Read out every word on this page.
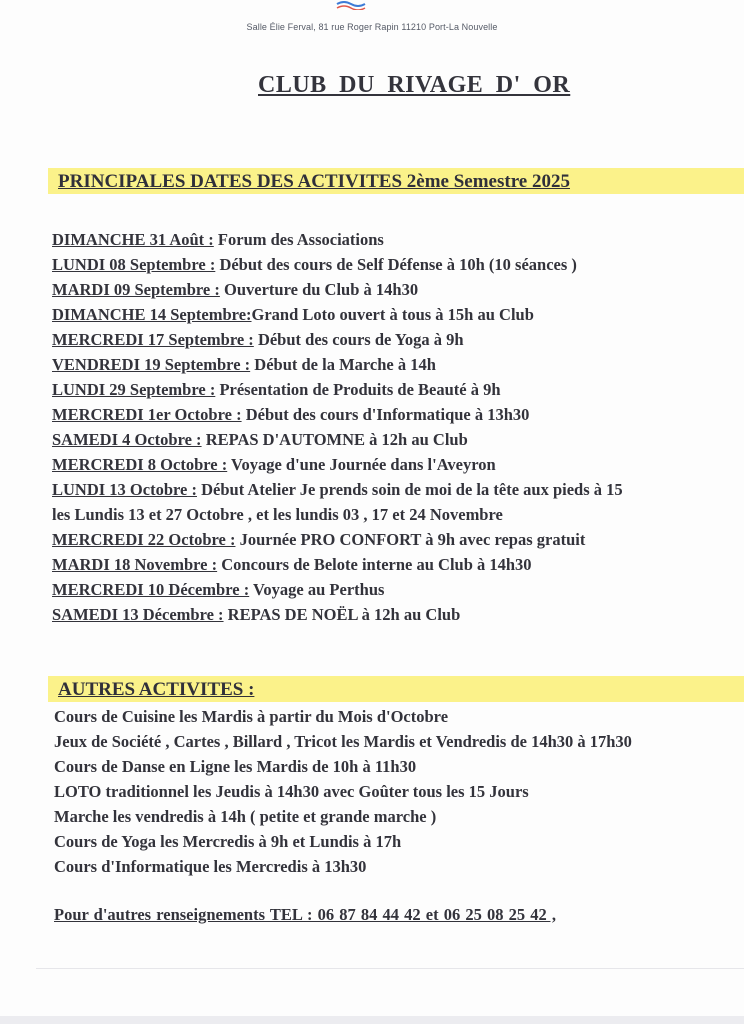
Salle Élie Ferval, 81 rue Roger Rapin 11210 Port-La Nouvelle
CLUB DU RIVAGE D' OR
PRINCIPALES DATES DES ACTIVITES 2ème Semestre 2025
DIMANCHE 31 Août : Forum des Associations
LUNDI 08 Septembre : Début des cours de Self Défense à 10h (10 séances )
MARDI 09 Septembre : Ouverture du Club à 14h30
DIMANCHE 14 Septembre:Grand Loto ouvert à tous à 15h au Club
MERCREDI 17 Septembre : Début des cours de Yoga à 9h
VENDREDI 19 Septembre : Début de la Marche à 14h
LUNDI 29 Septembre : Présentation de Produits de Beauté à 9h
MERCREDI 1er Octobre : Début des cours d'Informatique à 13h30
SAMEDI 4 Octobre : REPAS D'AUTOMNE à 12h au Club
MERCREDI 8 Octobre : Voyage d'une Journée dans l'Aveyron
LUNDI 13 Octobre : Début Atelier Je prends soin de moi de la tête aux pieds à 15
les Lundis 13 et 27 Octobre , et les lundis 03 , 17 et 24 Novembre
MERCREDI 22 Octobre : Journée PRO CONFORT à 9h avec repas gratuit
MARDI 18 Novembre : Concours de Belote interne au Club à 14h30
MERCREDI 10 Décembre : Voyage au Perthus
SAMEDI 13 Décembre : REPAS DE NOËL à 12h au Club
AUTRES ACTIVITES :
Cours de Cuisine les Mardis à partir du Mois d'Octobre
Jeux de Société , Cartes , Billard , Tricot les Mardis et Vendredis de 14h30 à 17h30
Cours de Danse en Ligne les Mardis de 10h à 11h30
LOTO traditionnel les Jeudis à 14h30 avec Goûter tous les 15 Jours
Marche les vendredis à 14h ( petite et grande marche )
Cours de Yoga les Mercredis à 9h et Lundis à 17h
Cours d'Informatique les Mercredis à 13h30
Pour d'autres renseignements TEL : 06 87 84 44 42 et 06 25 08 25 42 ,
